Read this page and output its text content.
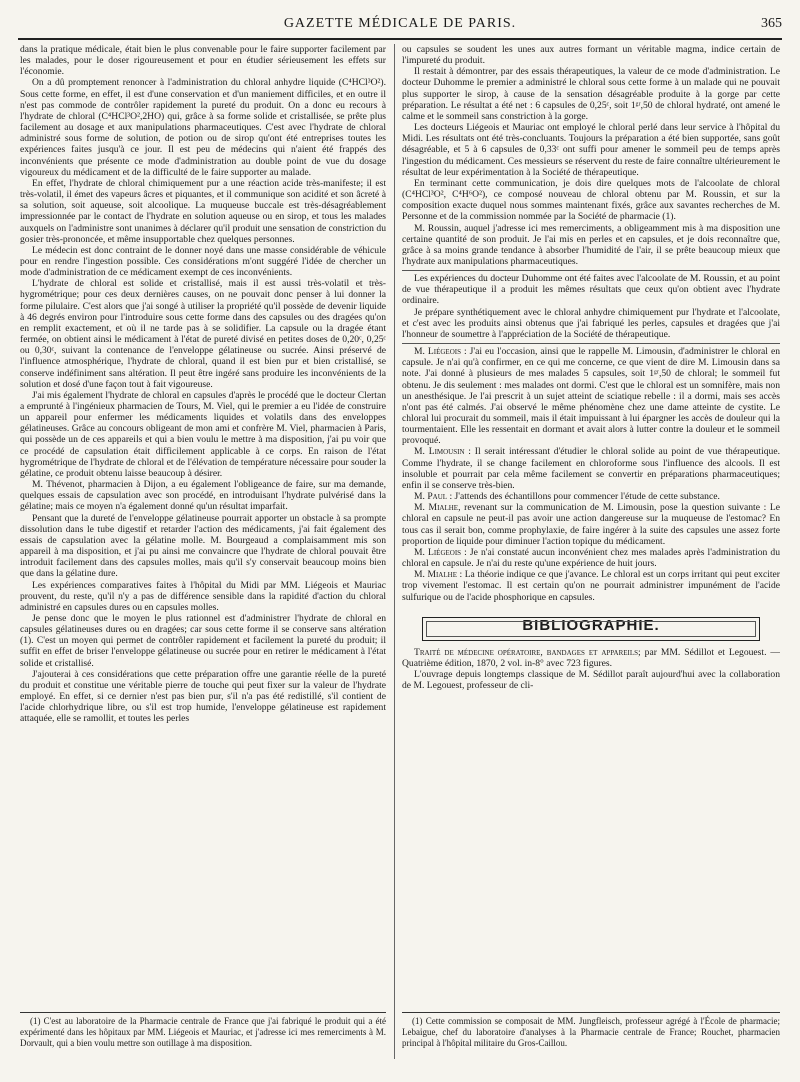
GAZETTE MÉDICALE DE PARIS.	365

dans la pratique médicale, était bien le plus convenable pour le faire supporter facilement par les malades, pour le doser rigoureusement et pour en étudier sérieusement les effets sur l'économie.

On a dû promptement renoncer à l'administration du chloral anhydre liquide (C⁴HCl³O²). Sous cette forme, en effet, il est d'une conservation et d'un maniement difficiles, et en outre il n'est pas commode de contrôler rapidement la pureté du produit. On a donc eu recours à l'hydrate de chloral (C⁴HCl³O²,2HO) qui, grâce à sa forme solide et cristallisée, se prête plus facilement au dosage et aux manipulations pharmaceutiques. C'est avec l'hydrate de chloral administré sous forme de solution, de potion ou de sirop qu'ont été entreprises toutes les expériences faites jusqu'à ce jour. Il est peu de médecins qui n'aient été frappés des inconvénients que présente ce mode d'administration au double point de vue du dosage vigoureux du médicament et de la difficulté de le faire supporter au malade.

En effet, l'hydrate de chloral chimiquement pur a une réaction acide très-manifeste; il est très-volatil, il émet des vapeurs âcres et piquantes, et il communique son acidité et son âcreté à sa solution, soit aqueuse, soit alcoolique. La muqueuse buccale est très-désagréablement impressionnée par le contact de l'hydrate en solution aqueuse ou en sirop, et tous les malades auxquels on l'administre sont unanimes à déclarer qu'il produit une sensation de constriction du gosier très-prononcée, et même insupportable chez quelques personnes.

Le médecin est donc contraint de le donner noyé dans une masse considérable de véhicule pour en rendre l'ingestion possible. Ces considérations m'ont suggéré l'idée de chercher un mode d'administration de ce médicament exempt de ces inconvénients.

L'hydrate de chloral est solide et cristallisé, mais il est aussi très-volatil et très-hygrométrique; pour ces deux dernières causes, on ne pouvait donc penser à lui donner la forme pilulaire. C'est alors que j'ai songé à utiliser la propriété qu'il possède de devenir liquide à 46 degrés environ pour l'introduire sous cette forme dans des capsules ou des dragées qu'on en remplit exactement, et où il ne tarde pas à se solidifier. La capsule ou la dragée étant fermée, on obtient ainsi le médicament à l'état de pureté divisé en petites doses de 0,20ᶜ, 0,25ᶜ ou 0,30ᶜ, suivant la contenance de l'enveloppe gélatineuse ou sucrée. Ainsi préservé de l'influence atmosphérique, l'hydrate de chloral, quand il est bien pur et bien cristallisé, se conserve indéfiniment sans altération. Il peut être ingéré sans produire les inconvénients de la solution et dosé d'une façon tout à fait vigoureuse.

J'ai mis également l'hydrate de chloral en capsules d'après le procédé que le docteur Clertan a emprunté à l'ingénieux pharmacien de Tours, M. Viel, qui le premier a eu l'idée de construire un appareil pour enfermer les médicaments liquides et volatils dans des enveloppes gélatineuses. Grâce au concours obligeant de mon ami et confrère M. Viel, pharmacien à Paris, qui possède un de ces appareils et qui a bien voulu le mettre à ma disposition, j'ai pu voir que ce procédé de capsulation était difficilement applicable à ce corps. En raison de l'état hygrométrique de l'hydrate de chloral et de l'élévation de température nécessaire pour souder la gélatine, ce produit obtenu laisse beaucoup à désirer.

M. Thévenot, pharmacien à Dijon, a eu également l'obligeance de faire, sur ma demande, quelques essais de capsulation avec son procédé, en introduisant l'hydrate pulvérisé dans la gélatine; mais ce moyen n'a également donné qu'un résultat imparfait.

Pensant que la dureté de l'enveloppe gélatineuse pourrait apporter un obstacle à sa prompte dissolution dans le tube digestif et retarder l'action des médicaments, j'ai fait également des essais de capsulation avec la gélatine molle. M. Bourgeaud a complaisamment mis son appareil à ma disposition, et j'ai pu ainsi me convaincre que l'hydrate de chloral pouvait être introduit facilement dans des capsules molles, mais qu'il s'y conservait beaucoup moins bien que dans la gélatine dure.

Les expériences comparatives faites à l'hôpital du Midi par MM. Liégeois et Mauriac prouvent, du reste, qu'il n'y a pas de différence sensible dans la rapidité d'action du chloral administré en capsules dures ou en capsules molles.

Je pense donc que le moyen le plus rationnel est d'administrer l'hydrate de chloral en capsules gélatineuses dures ou en dragées; car sous cette forme il se conserve sans altération (1). C'est un moyen qui permet de contrôler rapidement et facilement la pureté du produit; il suffit en effet de briser l'enveloppe gélatineuse ou sucrée pour en retirer le médicament à l'état solide et cristallisé.

J'ajouterai à ces considérations que cette préparation offre une garantie réelle de la pureté du produit et constitue une véritable pierre de touche qui peut fixer sur la valeur de l'hydrate employé. En effet, si ce dernier n'est pas bien pur, s'il n'a pas été redistillé, s'il contient de l'acide chlorhydrique libre, ou s'il est trop humide, l'enveloppe gélatineuse est rapidement attaquée, elle se ramollit, et toutes les perles

ou capsules se soudent les unes aux autres formant un véritable magma, indice certain de l'impureté du produit.

Il restait à démontrer, par des essais thérapeutiques, la valeur de ce mode d'administration. Le docteur Duhomme le premier a administré le chloral sous cette forme à un malade qui ne pouvait plus supporter le sirop, à cause de la sensation désagréable produite à la gorge par cette préparation. Le résultat a été net : 6 capsules de 0,25ᶜ, soit 1ᵍʳ,50 de chloral hydraté, ont amené le calme et le sommeil sans constriction à la gorge.

Les docteurs Liégeois et Mauriac ont employé le chloral perlé dans leur service à l'hôpital du Midi. Les résultats ont été très-concluants. Toujours la préparation a été bien supportée, sans goût désagréable, et 5 à 6 capsules de 0,33ᶜ ont suffi pour amener le sommeil peu de temps après l'ingestion du médicament. Ces messieurs se réservent du reste de faire connaître ultérieurement le résultat de leur expérimentation à la Société de thérapeutique.

En terminant cette communication, je dois dire quelques mots de l'alcoolate de chloral (C⁴HCl³O², C⁴H⁶O²), ce composé nouveau de chloral obtenu par M. Roussin, et sur la composition exacte duquel nous sommes maintenant fixés, grâce aux savantes recherches de M. Personne et de la commission nommée par la Société de pharmacie (1).

M. Roussin, auquel j'adresse ici mes remerciments, a obligeamment mis à ma disposition une certaine quantité de son produit. Je l'ai mis en perles et en capsules, et je dois reconnaître que, grâce à sa moins grande tendance à absorber l'humidité de l'air, il se prête beaucoup mieux que l'hydrate aux manipulations pharmaceutiques.

Les expériences du docteur Duhomme ont été faites avec l'alcoolate de M. Roussin, et au point de vue thérapeutique il a produit les mêmes résultats que ceux qu'on obtient avec l'hydrate ordinaire.

Je prépare synthétiquement avec le chloral anhydre chimiquement pur l'hydrate et l'alcoolate, et c'est avec les produits ainsi obtenus que j'ai fabriqué les perles, capsules et dragées que j'ai l'honneur de soumettre à l'appréciation de la Société de thérapeutique.

M. Liégeois : J'ai eu l'occasion, ainsi que le rappelle M. Limousin, d'administrer le chloral en capsule. Je n'ai qu'à confirmer, en ce qui me concerne, ce que vient de dire M. Limousin dans sa note. J'ai donné à plusieurs de mes malades 5 capsules, soit 1ᵍʳ,50 de chloral; le sommeil fut obtenu. Je dis seulement : mes malades ont dormi. C'est que le chloral est un somnifère, mais non un anesthésique. Je l'ai prescrit à un sujet atteint de sciatique rebelle : il a dormi, mais ses accès n'ont pas été calmés. J'ai observé le même phénomène chez une dame atteinte de cystite. Le chloral lui procurait du sommeil, mais il était impuissant à lui épargner les accès de douleur qui la tourmentaient. Elle les ressentait en dormant et avait alors à lutter contre la douleur et le sommeil provoqué.

M. Limousin : Il serait intéressant d'étudier le chloral solide au point de vue thérapeutique. Comme l'hydrate, il se change facilement en chloroforme sous l'influence des alcools. Il est insoluble et pourrait par cela même facilement se convertir en préparations pharmaceutiques; enfin il se conserve très-bien.

M. Paul : J'attends des échantillons pour commencer l'étude de cette substance.

M. Mialhe, revenant sur la communication de M. Limousin, pose la question suivante : Le chloral en capsule ne peut-il pas avoir une action dangereuse sur la muqueuse de l'estomac? En tous cas il serait bon, comme prophylaxie, de faire ingérer à la suite des capsules une assez forte proportion de liquide pour diminuer l'action topique du médicament.

M. Liégeois : Je n'ai constaté aucun inconvénient chez mes malades après l'administration du chloral en capsule. Je n'ai du reste qu'une expérience de huit jours.

M. Mialhe : La théorie indique ce que j'avance. Le chloral est un corps irritant qui peut exciter trop vivement l'estomac. Il est certain qu'on ne pourrait administrer impunément de l'acide sulfurique ou de l'acide phosphorique en capsules.

BIBLIOGRAPHIE.

Traité de médecine opératoire, bandages et appareils; par MM. Sédillot et Legouest. — Quatrième édition, 1870, 2 vol. in-8° avec 723 figures.

L'ouvrage depuis longtemps classique de M. Sédillot paraît aujourd'hui avec la collaboration de M. Legouest, professeur de cli-

(1) C'est au laboratoire de la Pharmacie centrale de France que j'ai fabriqué le produit qui a été expérimenté dans les hôpitaux par MM. Liégeois et Mauriac, et j'adresse ici mes remerciments à M. Dorvault, qui a bien voulu mettre son outillage à ma disposition.

(1) Cette commission se composait de MM. Jungfleisch, professeur agrégé à l'École de pharmacie; Lebaigue, chef du laboratoire d'analyses à la Pharmacie centrale de France; Rouchet, pharmacien principal à l'hôpital militaire du Gros-Caillou.
